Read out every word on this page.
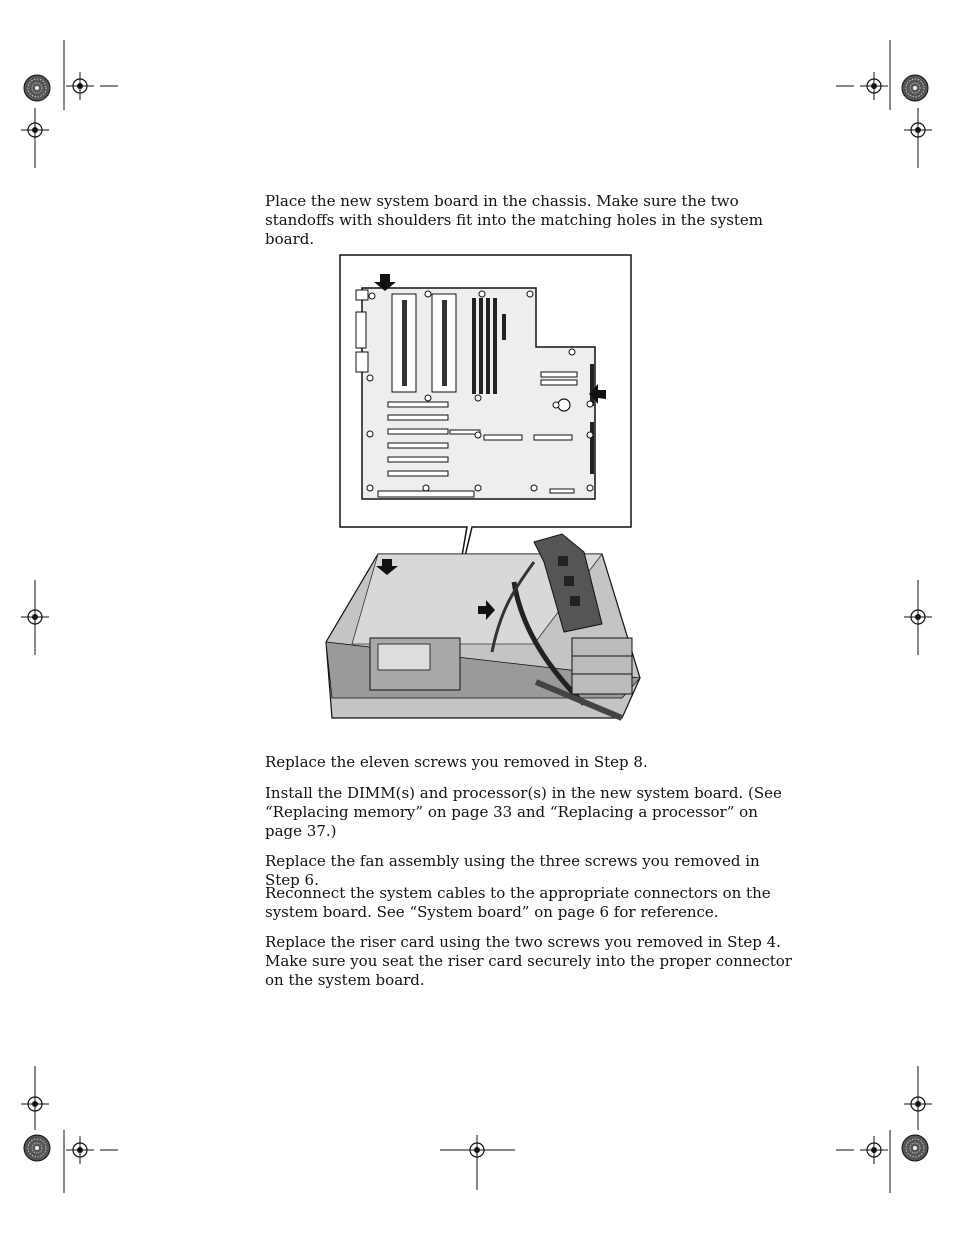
Place the new system board in the chassis. Make sure the two standoffs with shoulders fit into the matching holes in the system board.

Replace the eleven screws you removed in Step 8.

Install the DIMM(s) and processor(s) in the new system board. (See “Replacing memory” on page 33 and “Replacing a processor” on page 37.)

Replace the fan assembly using the three screws you removed in Step 6.

Reconnect the system cables to the appropriate connectors on the system board. See “System board” on page 6 for reference.

Replace the riser card using the two screws you removed in Step 4. Make sure you seat the riser card securely into the proper connector on the system board.
